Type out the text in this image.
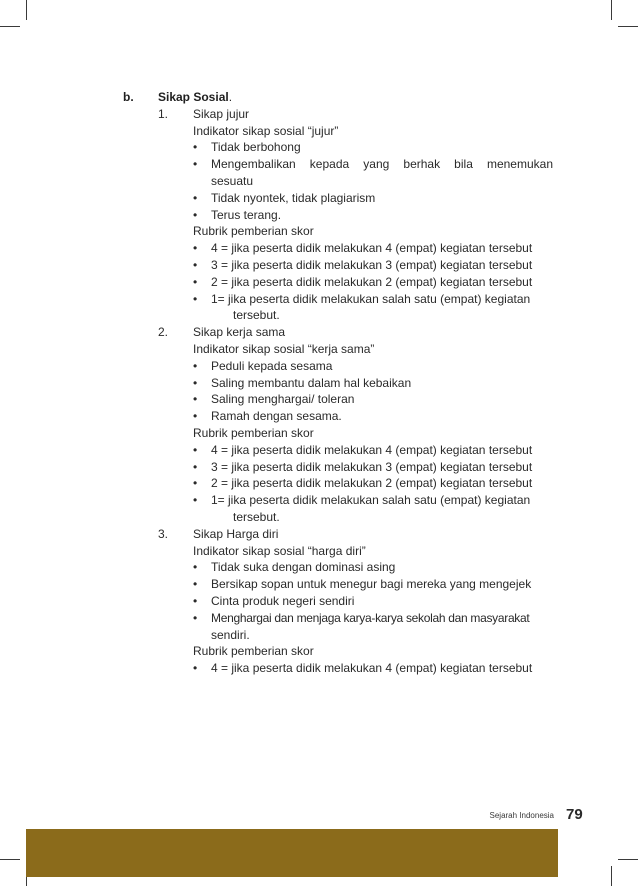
b.	Sikap Sosial.
1.	Sikap jujur
Indikator sikap sosial “jujur”
•	Tidak berbohong
•	Mengembalikan kepada yang berhak bila menemukan
sesuatu
•	Tidak nyontek, tidak plagiarism
•	Terus terang.
Rubrik pemberian skor
•	4 = jika peserta didik melakukan 4 (empat) kegiatan tersebut
•	3 = jika peserta didik melakukan 3 (empat) kegiatan tersebut
•	2 = jika peserta didik melakukan 2 (empat) kegiatan tersebut
•	1= jika peserta didik melakukan salah satu (empat) kegiatan
tersebut.
2.	Sikap kerja sama
Indikator sikap sosial “kerja sama”
•	Peduli kepada sesama
•	Saling membantu dalam hal kebaikan
•	Saling menghargai/ toleran
•	Ramah dengan sesama.
Rubrik pemberian skor
•	4 = jika peserta didik melakukan 4 (empat) kegiatan tersebut
•	3 = jika peserta didik melakukan 3 (empat) kegiatan tersebut
•	2 = jika peserta didik melakukan 2 (empat) kegiatan tersebut
•	1= jika peserta didik melakukan salah satu (empat) kegiatan
tersebut.
3.	Sikap Harga diri
Indikator sikap sosial “harga diri”
•	Tidak suka dengan dominasi asing
•	Bersikap sopan untuk menegur bagi mereka yang mengejek
•	Cinta produk negeri sendiri
•	Menghargai dan menjaga karya-karya sekolah dan masyarakat
sendiri.
Rubrik pemberian skor
•	4 = jika peserta didik melakukan 4 (empat) kegiatan tersebut
Sejarah Indonesia 79
